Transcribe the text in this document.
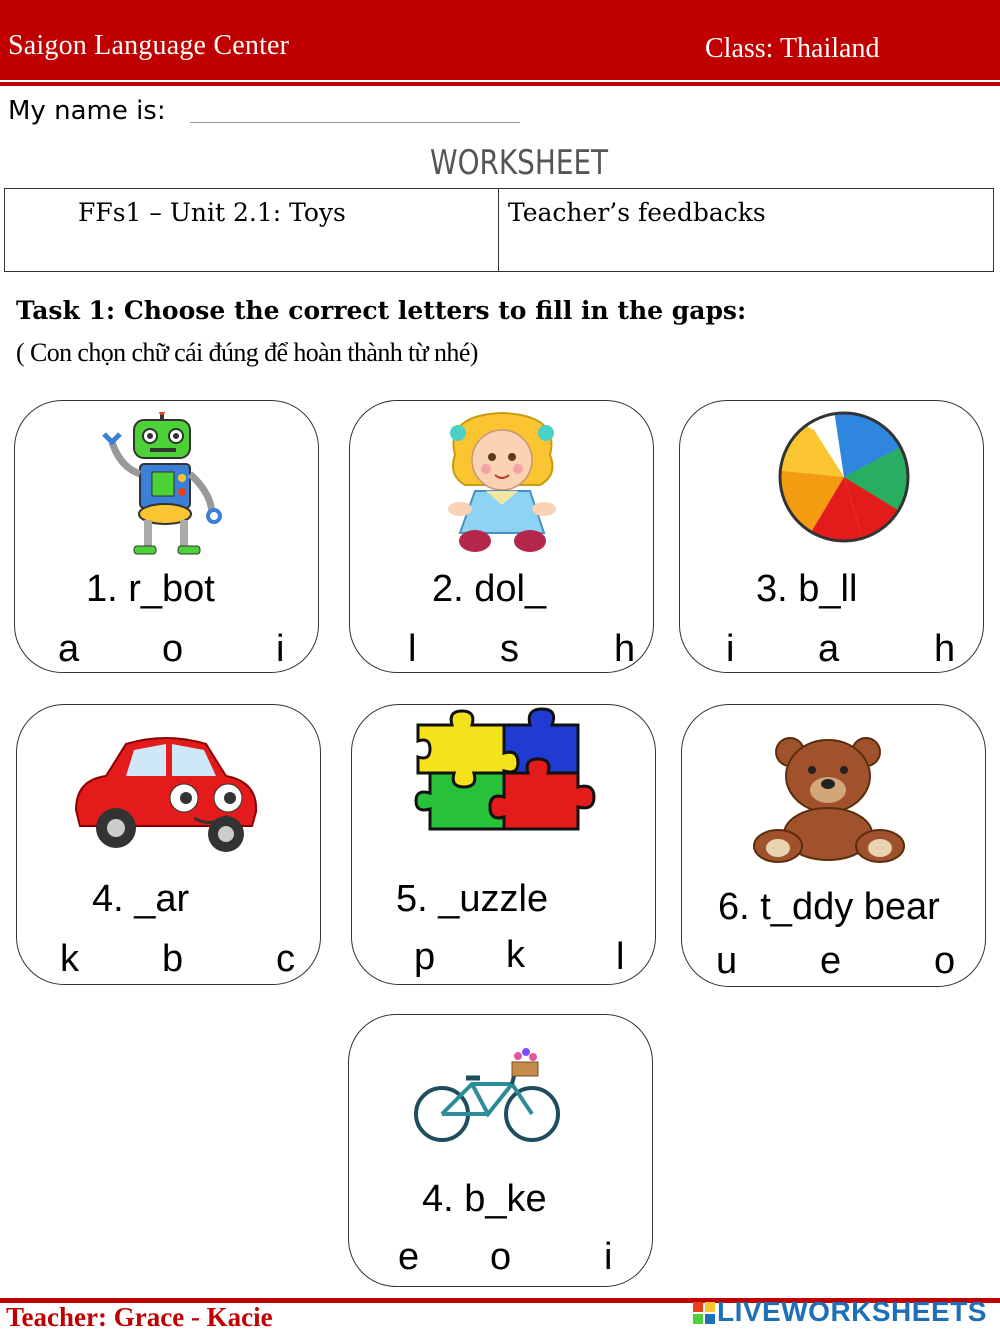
Saigon Language Center	Class: Thailand
My name is:
WORKSHEET
FFs1 – Unit 2.1: Toys	Teacher’s feedbacks
Task 1: Choose the correct letters to fill in the gaps:
( Con chọn chữ cái đúng để hoàn thành từ nhé)
1. r_bot
a o i
2. dol_
l s	h
3. b_ll
i a h
4. _ar
k b c
5. _uzzle
p k l
6. t_ddy bear
u e o
4. b_ke
e o i
Teacher: Grace - Kacie	LIVEWORKSHEETS
